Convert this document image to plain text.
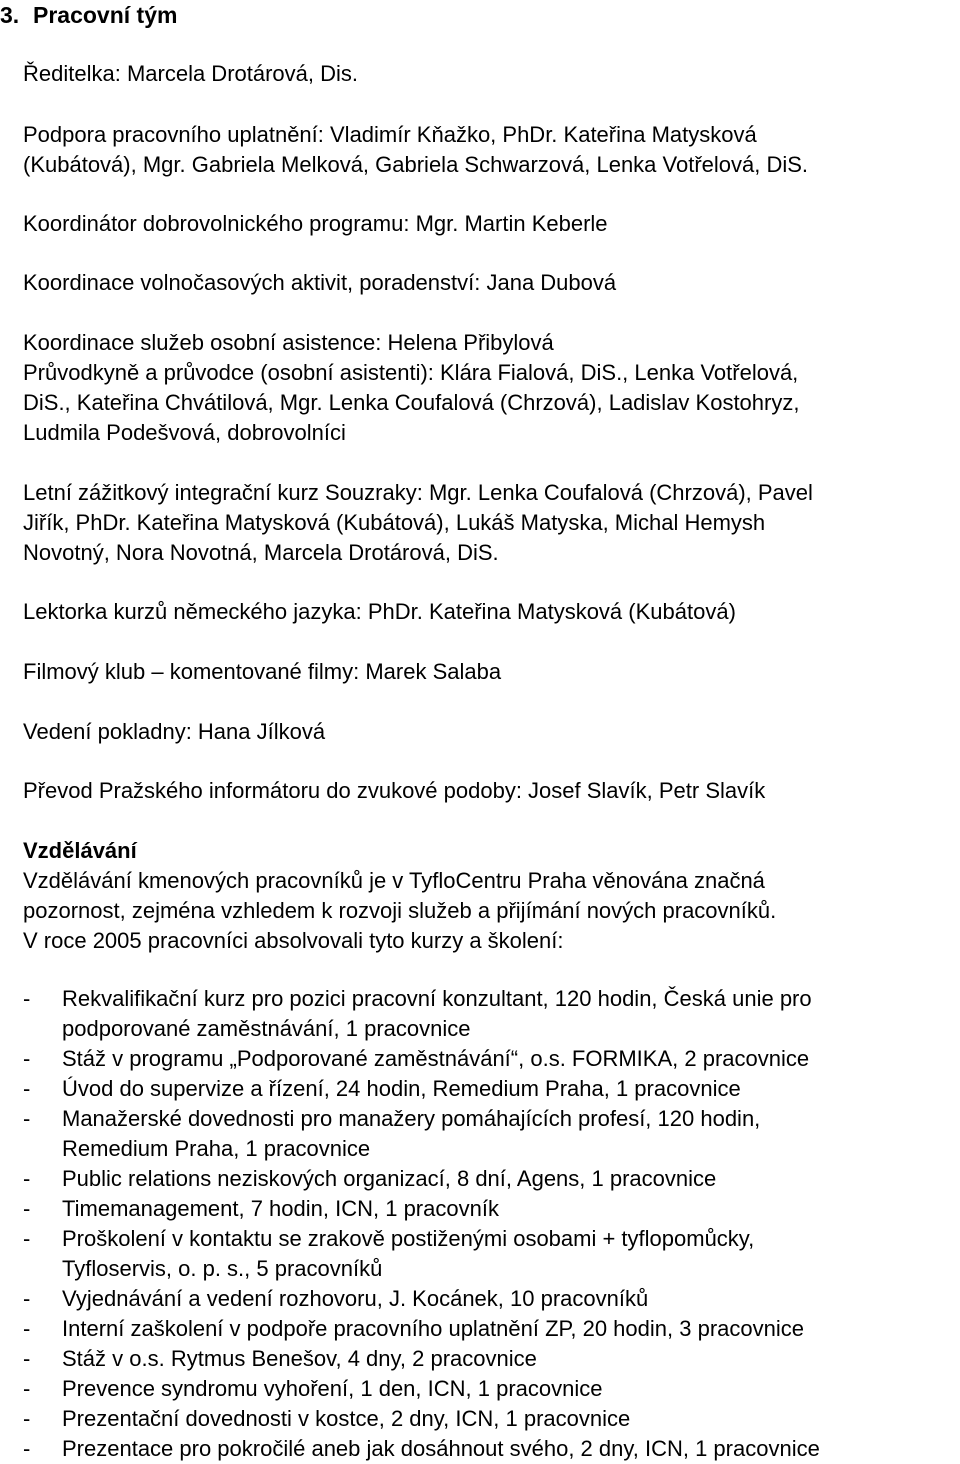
3. Pracovní tým

Ředitelka: Marcela Drotárová, Dis.

Podpora pracovního uplatnění: Vladimír Kňažko, PhDr. Kateřina Matysková
(Kubátová), Mgr. Gabriela Melková, Gabriela Schwarzová, Lenka Votřelová, DiS.

Koordinátor dobrovolnického programu: Mgr. Martin Keberle

Koordinace volnočasových aktivit, poradenství: Jana Dubová

Koordinace služeb osobní asistence: Helena Přibylová
Průvodkyně a průvodce (osobní asistenti): Klára Fialová, DiS., Lenka Votřelová,
DiS., Kateřina Chvátilová, Mgr. Lenka Coufalová (Chrzová), Ladislav Kostohryz,
Ludmila Podešvová, dobrovolníci

Letní zážitkový integrační kurz Souzraky: Mgr. Lenka Coufalová (Chrzová), Pavel
Jiřík, PhDr. Kateřina Matysková (Kubátová), Lukáš Matyska, Michal Hemysh
Novotný, Nora Novotná, Marcela Drotárová, DiS.

Lektorka kurzů německého jazyka: PhDr. Kateřina Matysková (Kubátová)

Filmový klub – komentované filmy: Marek Salaba

Vedení pokladny: Hana Jílková

Převod Pražského informátoru do zvukové podoby: Josef Slavík, Petr Slavík

Vzdělávání
Vzdělávání kmenových pracovníků je v TyfloCentru Praha věnována značná
pozornost, zejména vzhledem k rozvoji služeb a přijímání nových pracovníků.
V roce 2005 pracovníci absolvovali tyto kurzy a školení:

- Rekvalifikační kurz pro pozici pracovní konzultant, 120 hodin, Česká unie pro
podporované zaměstnávání, 1 pracovnice
- Stáž v programu „Podporované zaměstnávání“, o.s. FORMIKA, 2 pracovnice
- Úvod do supervize a řízení, 24 hodin, Remedium Praha, 1 pracovnice
- Manažerské dovednosti pro manažery pomáhajících profesí, 120 hodin,
Remedium Praha, 1 pracovnice
- Public relations neziskových organizací, 8 dní, Agens, 1 pracovnice
- Timemanagement, 7 hodin, ICN, 1 pracovník
- Proškolení v kontaktu se zrakově postiženými osobami + tyflopomůcky,
Tyfloservis, o. p. s., 5 pracovníků
- Vyjednávání a vedení rozhovoru, J. Kocánek, 10 pracovníků
- Interní zaškolení v podpoře pracovního uplatnění ZP, 20 hodin, 3 pracovnice
- Stáž v o.s. Rytmus Benešov, 4 dny, 2 pracovnice
- Prevence syndromu vyhoření, 1 den, ICN, 1 pracovnice
- Prezentační dovednosti v kostce, 2 dny, ICN, 1 pracovnice
- Prezentace pro pokročilé aneb jak dosáhnout svého, 2 dny, ICN, 1 pracovnice
